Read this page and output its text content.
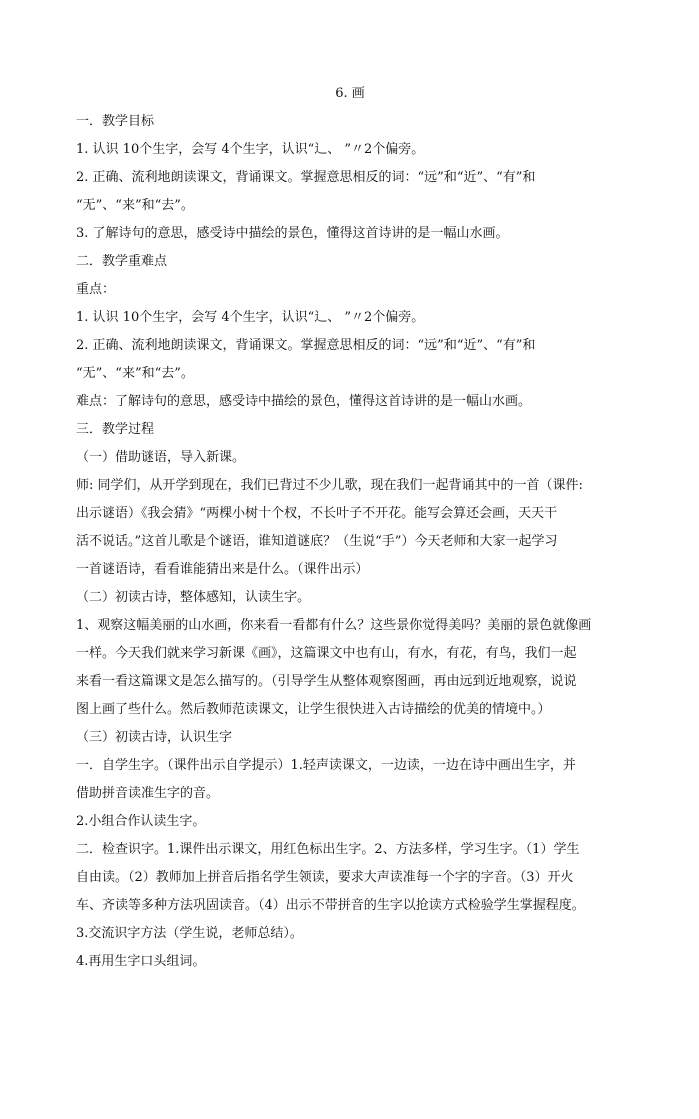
6. 画
一．教学目标
1. 认识 10个生字，会写 4个生字，认识“辶、 ”〃2个偏旁。
2. 正确、流利地朗读课文，背诵课文。掌握意思相反的词：“远”和“近”、“有”和
“无”、“来”和“去”。
3. 了解诗句的意思，感受诗中描绘的景色，懂得这首诗讲的是一幅山水画。
二．教学重难点
重点：
1. 认识 10个生字，会写 4个生字，认识“辶、 ”〃2个偏旁。
2. 正确、流利地朗读课文，背诵课文。掌握意思相反的词：“远”和“近”、“有”和
“无”、“来”和“去”。
难点：了解诗句的意思，感受诗中描绘的景色，懂得这首诗讲的是一幅山水画。
三．教学过程
（一）借助谜语，导入新课。
师: 同学们，从开学到现在，我们已背过不少儿歌，现在我们一起背诵其中的一首（课件:
出示谜语）《我会猜》“两棵小树十个杈，不长叶子不开花。能写会算还会画，天天干
活不说话。”这首儿歌是个谜语，谁知道谜底？（生说“手”）今天老师和大家一起学习
一首谜语诗，看看谁能猜出来是什么。（课件出示）
（二）初读古诗，整体感知，认读生字。
1、观察这幅美丽的山水画，你来看一看都有什么？这些景你觉得美吗？美丽的景色就像画
一样。今天我们就来学习新课《画》，这篇课文中也有山，有水，有花，有鸟，我们一起
来看一看这篇课文是怎么描写的。（引导学生从整体观察图画，再由远到近地观察，说说
图上画了些什么。然后教师范读课文，让学生很快进入古诗描绘的优美的情境中。）
（三）初读古诗，认识生字
一．自学生字。（课件出示自学提示）1.轻声读课文，一边读，一边在诗中画出生字，并
借助拼音读准生字的音。
2.小组合作认读生字。
二．检查识字。1.课件出示课文，用红色标出生字。2、方法多样，学习生字。（1）学生
自由读。（2）教师加上拼音后指名学生领读，要求大声读准每一个字的字音。（3）开火
车、齐读等多种方法巩固读音。（4）出示不带拼音的生字以抢读方式检验学生掌握程度。
3.交流识字方法（学生说，老师总结）。
4.再用生字口头组词。
